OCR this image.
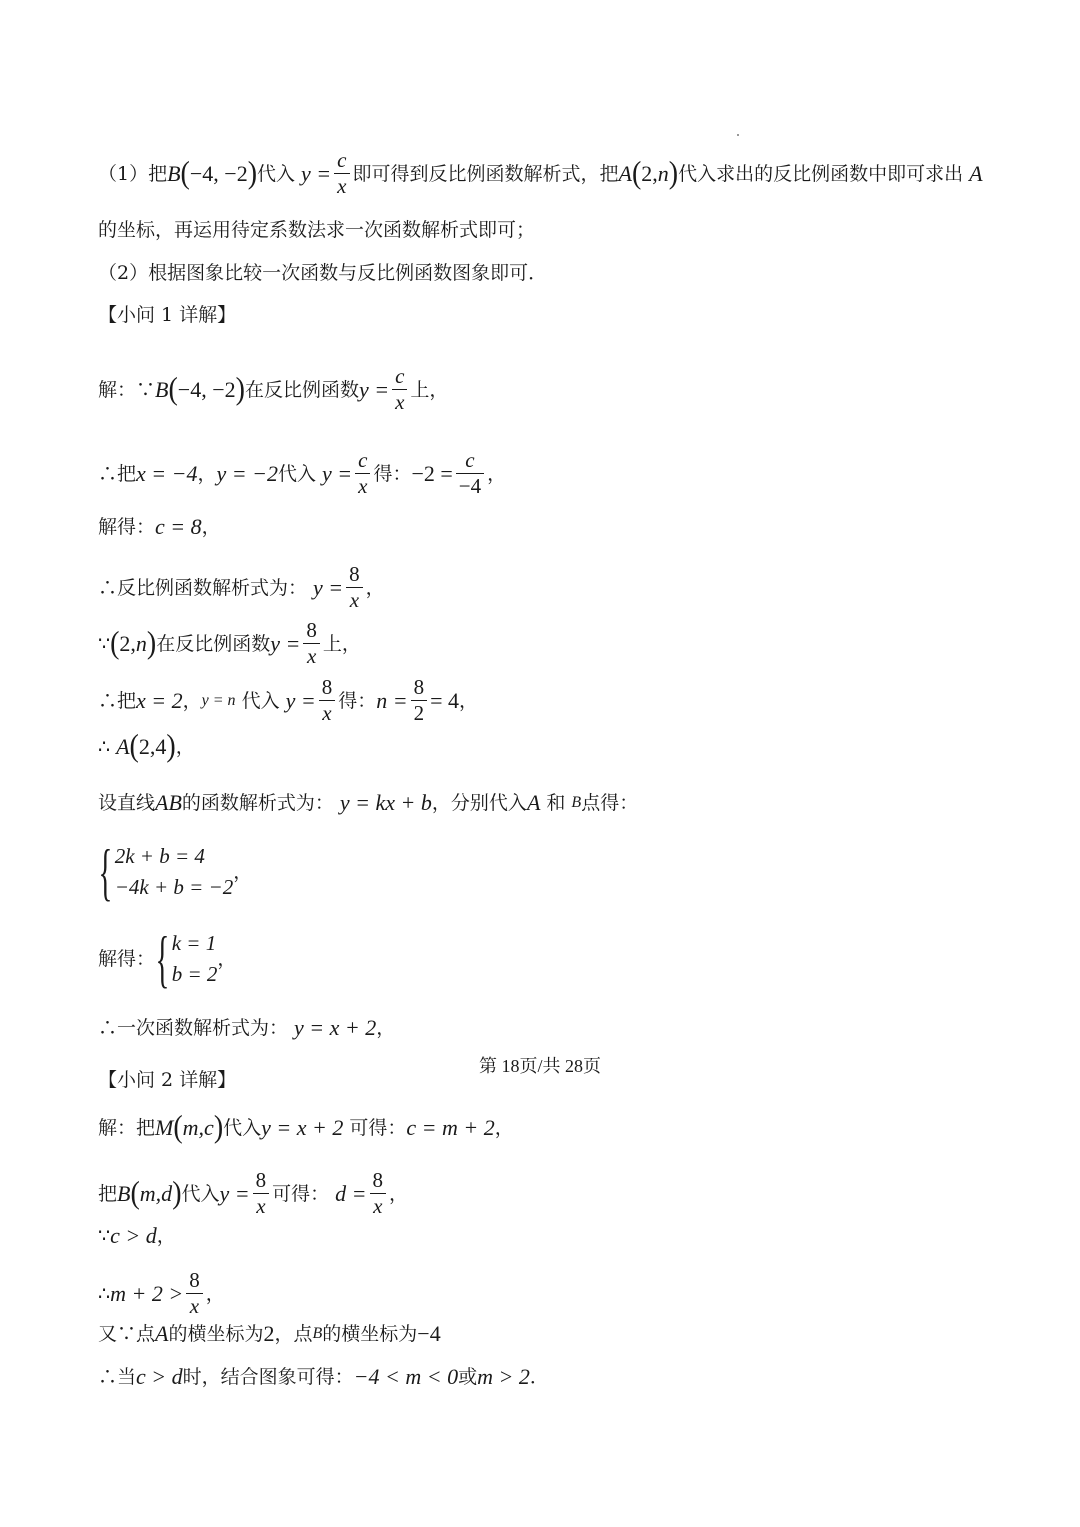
（1）把 B ( −4, −2 ) 代入 $y = \frac{c}{x}$ 即可得到反比例函数解析式，把 A ( 2, n ) 代入求出的反比例函数中即可求出 A
的坐标，再运用待定系数法求一次函数解析式即可；
（2）根据图象比较一次函数与反比例函数图象即可．
【小问 1 详解】
解：∵ B ( −4, −2 ) 在反比例函数 $y = \frac{c}{x}$ 上，
∴把 x = −4 ， y = −2 代入 $y = \frac{c}{x}$ 得： $-2 = \frac{c}{-4}$ ，
解得： c = 8 ，
∴反比例函数解析式为： $y = \frac{8}{x}$ ，
∵ ( 2, n ) 在反比例函数 $y = \frac{8}{x}$ 上，
∴把 x = 2 ， y = n 代入 $y = \frac{8}{x}$ 得： $n = \frac{8}{2} = 4$ ，
∴ A ( 2,4 ) ，
设直线 AB 的函数解析式为： y = kx + b ，分别代入 A 和 B 点得：
{ 2k + b = 4
−4k + b = −2
，
解得： { k = 1
b = 2
，
∴一次函数解析式为： y = x + 2 ，
【小问 2 详解】
解：把 M ( m,c ) 代入 y = x + 2 可得： c = m + 2 ，
把 B ( m,d ) 代入 $y = \frac{8}{x}$ 可得： $d = \frac{8}{x}$ ，
∵ c > d ，
∴ $m + 2 > \frac{8}{x}$ ，
又∵点 A 的横坐标为 2 ，点 B 的横坐标为 −4
∴当 c > d 时，结合图象可得： −4 < m < 0 或 m > 2 ．
第 18页/共 28页
